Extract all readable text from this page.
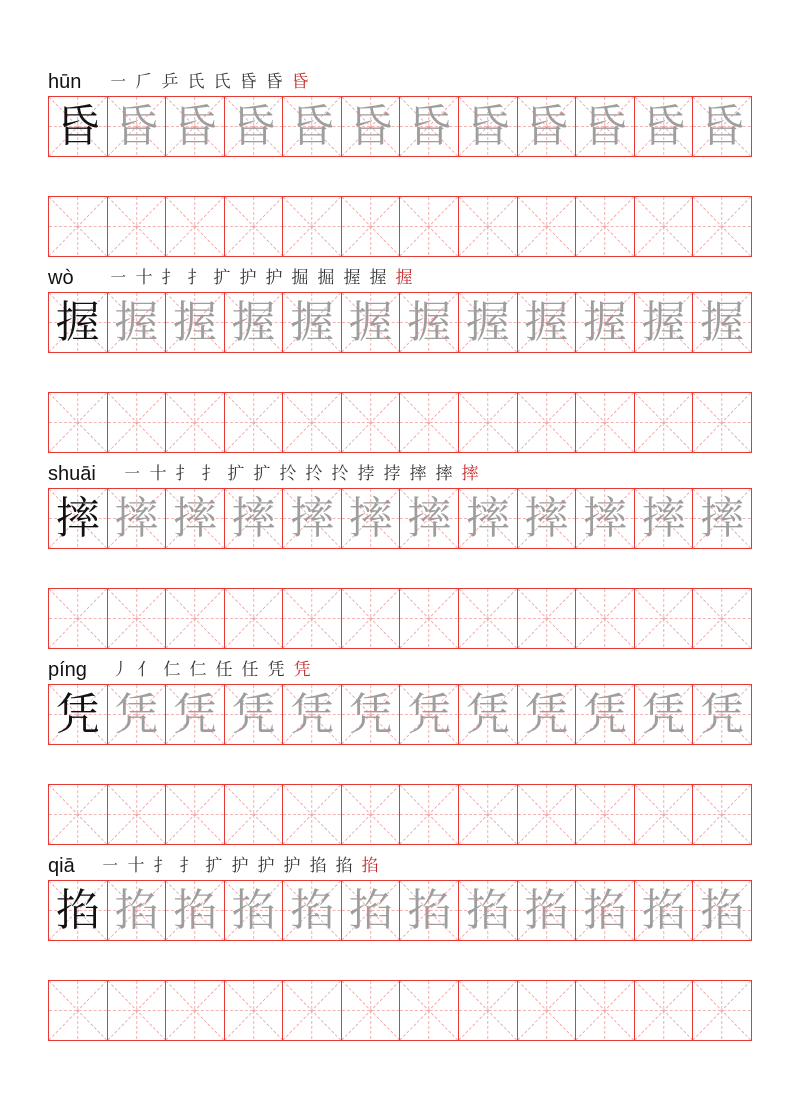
hūn ㇐ 𠂆 乒 氏 氏 昏 昏 昏
昏 昏 昏 昏 昏 昏 昏 昏 昏 昏 昏 昏
wò ㇐ 十 扌 扌 扩 护 护 掘 掘 握 握 握
握 握 握 握 握 握 握 握 握 握 握 握
shuāi ㇐ 十 扌 扌 扩 扩 扵 扵 扵 挬 挬 摔 摔 摔
摔 摔 摔 摔 摔 摔 摔 摔 摔 摔 摔 摔
píng 丿 亻 仁 仁 任 任 凭 凭
凭 凭 凭 凭 凭 凭 凭 凭 凭 凭 凭 凭
qiā ㇐ 十 扌 扌 扩 护 护 护 掐 掐 掐
掐 掐 掐 掐 掐 掐 掐 掐 掐 掐 掐 掐
